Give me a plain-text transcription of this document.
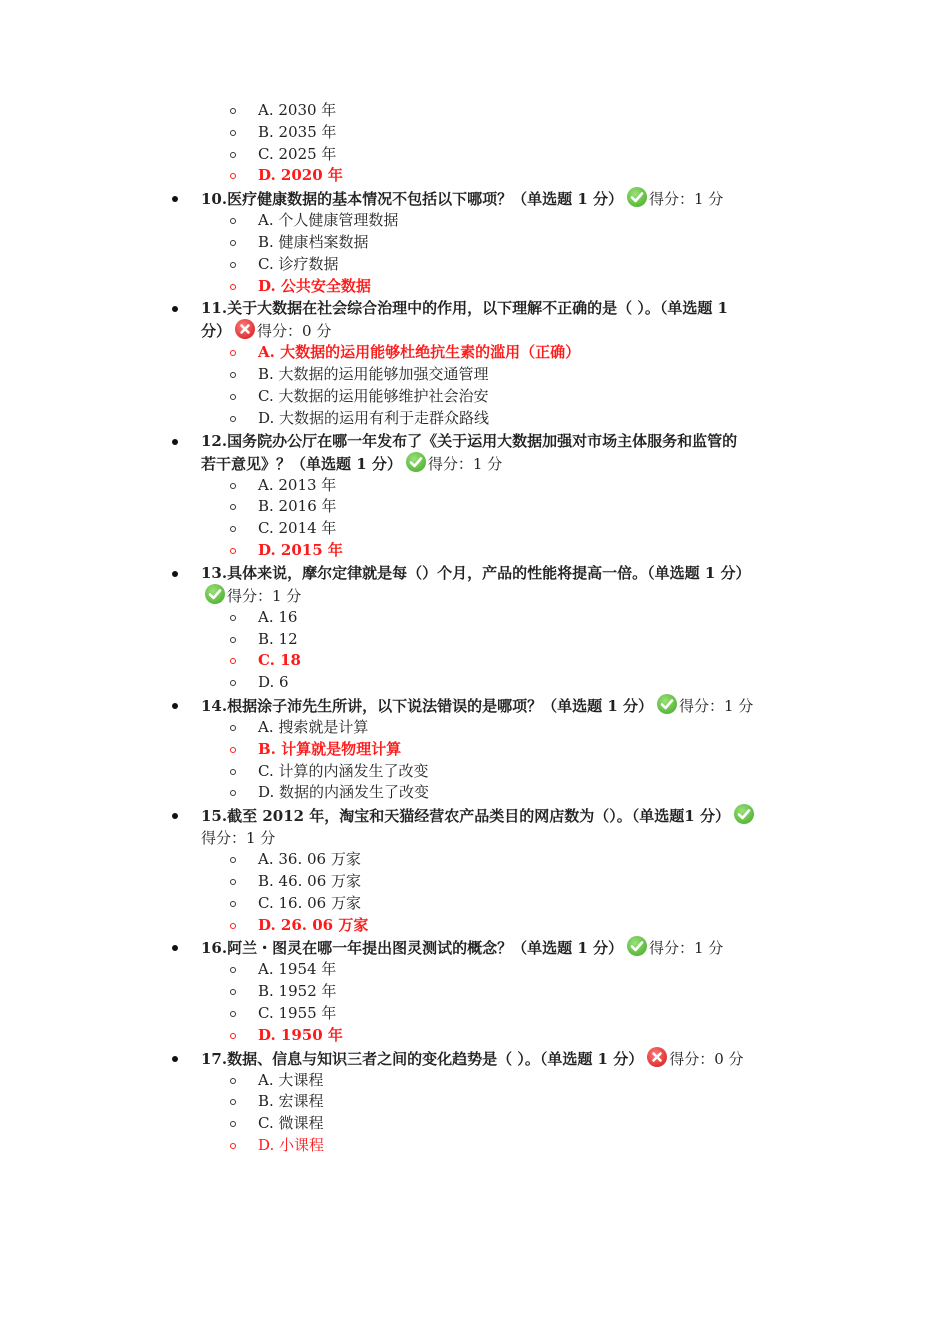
A. 2030 年
B. 2035 年
C. 2025 年
D. 2020 年
10.医疗健康数据的基本情况不包括以下哪项？（单选题 1 分） 得分：1 分
A. 个人健康管理数据
B. 健康档案数据
C. 诊疗数据
D. 公共安全数据
11.关于大数据在社会综合治理中的作用，以下理解不正确的是（ ）。（单选题 1
分） 得分：0 分
A. 大数据的运用能够杜绝抗生素的滥用（正确）
B. 大数据的运用能够加强交通管理
C. 大数据的运用能够维护社会治安
D. 大数据的运用有利于走群众路线
12.国务院办公厅在哪一年发布了《关于运用大数据加强对市场主体服务和监管的
若干意见》？（单选题 1 分） 得分：1 分
A. 2013 年
B. 2016 年
C. 2014 年
D. 2015 年
13.具体来说，摩尔定律就是每（）个月，产品的性能将提高一倍。（单选题 1 分）
得分：1 分
A. 16
B. 12
C. 18
D. 6
14.根据涂子沛先生所讲，以下说法错误的是哪项？（单选题 1 分） 得分：1 分
A. 搜索就是计算
B. 计算就是物理计算
C. 计算的内涵发生了改变
D. 数据的内涵发生了改变
15.截至 2012 年，淘宝和天猫经营农产品类目的网店数为（）。（单选题1 分）
得分：1 分
A. 36. 06 万家
B. 46. 06 万家
C. 16. 06 万家
D. 26. 06 万家
16.阿兰・图灵在哪一年提出图灵测试的概念？（单选题 1 分） 得分：1 分
A. 1954 年
B. 1952 年
C. 1955 年
D. 1950 年
17.数据、信息与知识三者之间的变化趋势是（ ）。（单选题 1 分） 得分：0 分
A. 大课程
B. 宏课程
C. 微课程
D. 小课程
